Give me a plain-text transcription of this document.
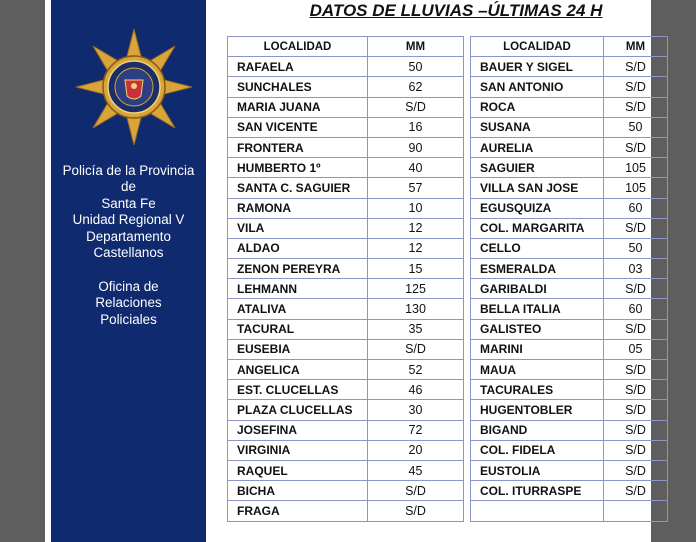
Policía de la Provincia
de
Santa Fe
Unidad Regional V
Departamento
Castellanos
Oficina de
Relaciones
Policiales
DATOS DE LLUVIAS –ÚLTIMAS 24 H
LOCALIDAD	MM
RAFAELA	50
SUNCHALES	62
MARIA JUANA	S/D
SAN VICENTE	16
FRONTERA	90
HUMBERTO 1º	40
SANTA C. SAGUIER	57
RAMONA	10
VILA	12
ALDAO	12
ZENON PEREYRA	15
LEHMANN	125
ATALIVA	130
TACURAL	35
EUSEBIA	S/D
ANGELICA	52
EST. CLUCELLAS	46
PLAZA CLUCELLAS	30
JOSEFINA	72
VIRGINIA	20
RAQUEL	45
BICHA	S/D
FRAGA	S/D
LOCALIDAD	MM
BAUER Y SIGEL	S/D
SAN ANTONIO	S/D
ROCA	S/D
SUSANA	50
AURELIA	S/D
SAGUIER	105
VILLA SAN JOSE	105
EGUSQUIZA	60
COL. MARGARITA	S/D
CELLO	50
ESMERALDA	03
GARIBALDI	S/D
BELLA ITALIA	60
GALISTEO	S/D
MARINI	05
MAUA	S/D
TACURALES	S/D
HUGENTOBLER	S/D
BIGAND	S/D
COL. FIDELA	S/D
EUSTOLIA	S/D
COL. ITURRASPE	S/D
